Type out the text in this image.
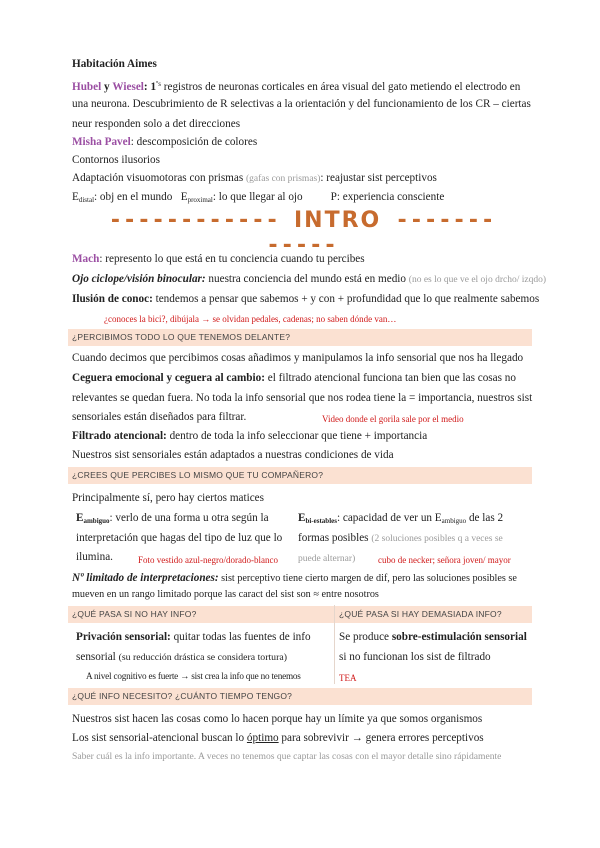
Habitación Aimes
Hubel y Wiesel: $1^{ºs}$ registros de neuronas corticales en área visual del gato metiendo el electrodo en
una neurona. Descubrimiento de R selectivas a la orientación y del funcionamiento de los CR – ciertas
neur responden solo a det direcciones
Misha Pavel: descomposición de colores
Contornos ilusorios
Adaptación visuomotoras con prismas (gafas con prismas): reajustar sist perceptivos
$E_{distal}$: obj en el mundo $E_{proximal}$: lo que llegar al ojo P: experiencia consciente
------------ INTRO ------------
Mach: represento lo que está en tu conciencia cuando tu percibes
Ojo ciclope/visión binocular: nuestra conciencia del mundo está en medio (no es lo que ve el ojo drcho/ izqdo)
Ilusión de conoc: tendemos a pensar que sabemos + y con + profundidad que lo que realmente sabemos
¿conoces la bici?, dibújala → se olvidan pedales, cadenas; no saben dónde van…
¿PERCIBIMOS TODO LO QUE TENEMOS DELANTE?
Cuando decimos que percibimos cosas añadimos y manipulamos la info sensorial que nos ha llegado
Ceguera emocional y ceguera al cambio: el filtrado atencional funciona tan bien que las cosas no
relevantes se quedan fuera. No toda la info sensorial que nos rodea tiene la = importancia, nuestros sist
sensoriales están diseñados para filtrar.	Video donde el gorila sale por el medio
Filtrado atencional: dentro de toda la info seleccionar que tiene + importancia
Nuestros sist sensoriales están adaptados a nuestras condiciones de vida
¿CREES QUE PERCIBES LO MISMO QUE TU COMPAÑERO?
Principalmente sí, pero hay ciertos matices
$E_{ambiguo}$: verlo de una forma u otra según la
interpretación que hagas del tipo de luz que lo
ilumina.	Foto vestido azul-negro/dorado-blanco
$E_{bi-estables}$: capacidad de ver un $E_{ambiguo}$ de las 2
formas posibles (2 soluciones posibles q a veces se
puede alternar)	cubo de necker; señora joven/ mayor
Nº limitado de interpretaciones: sist perceptivo tiene cierto margen de dif, pero las soluciones posibles se
mueven en un rango limitado porque las caract del sist son ≈ entre nosotros
¿QUÉ PASA SI NO HAY INFO?	¿QUÉ PASA SI HAY DEMASIADA INFO?
Privación sensorial: quitar todas las fuentes de info
sensorial (su reducción drástica se considera tortura)
A nivel cognitivo es fuerte → sist crea la info que no tenemos
Se produce sobre-estimulación sensorial
si no funcionan los sist de filtrado
TEA
¿QUÉ INFO NECESITO? ¿CUÁNTO TIEMPO TENGO?
Nuestros sist hacen las cosas como lo hacen porque hay un límite ya que somos organismos
Los sist sensorial-atencional buscan lo óptimo para sobrevivir → genera errores perceptivos
Saber cuál es la info importante. A veces no tenemos que captar las cosas con el mayor detalle sino rápidamente
